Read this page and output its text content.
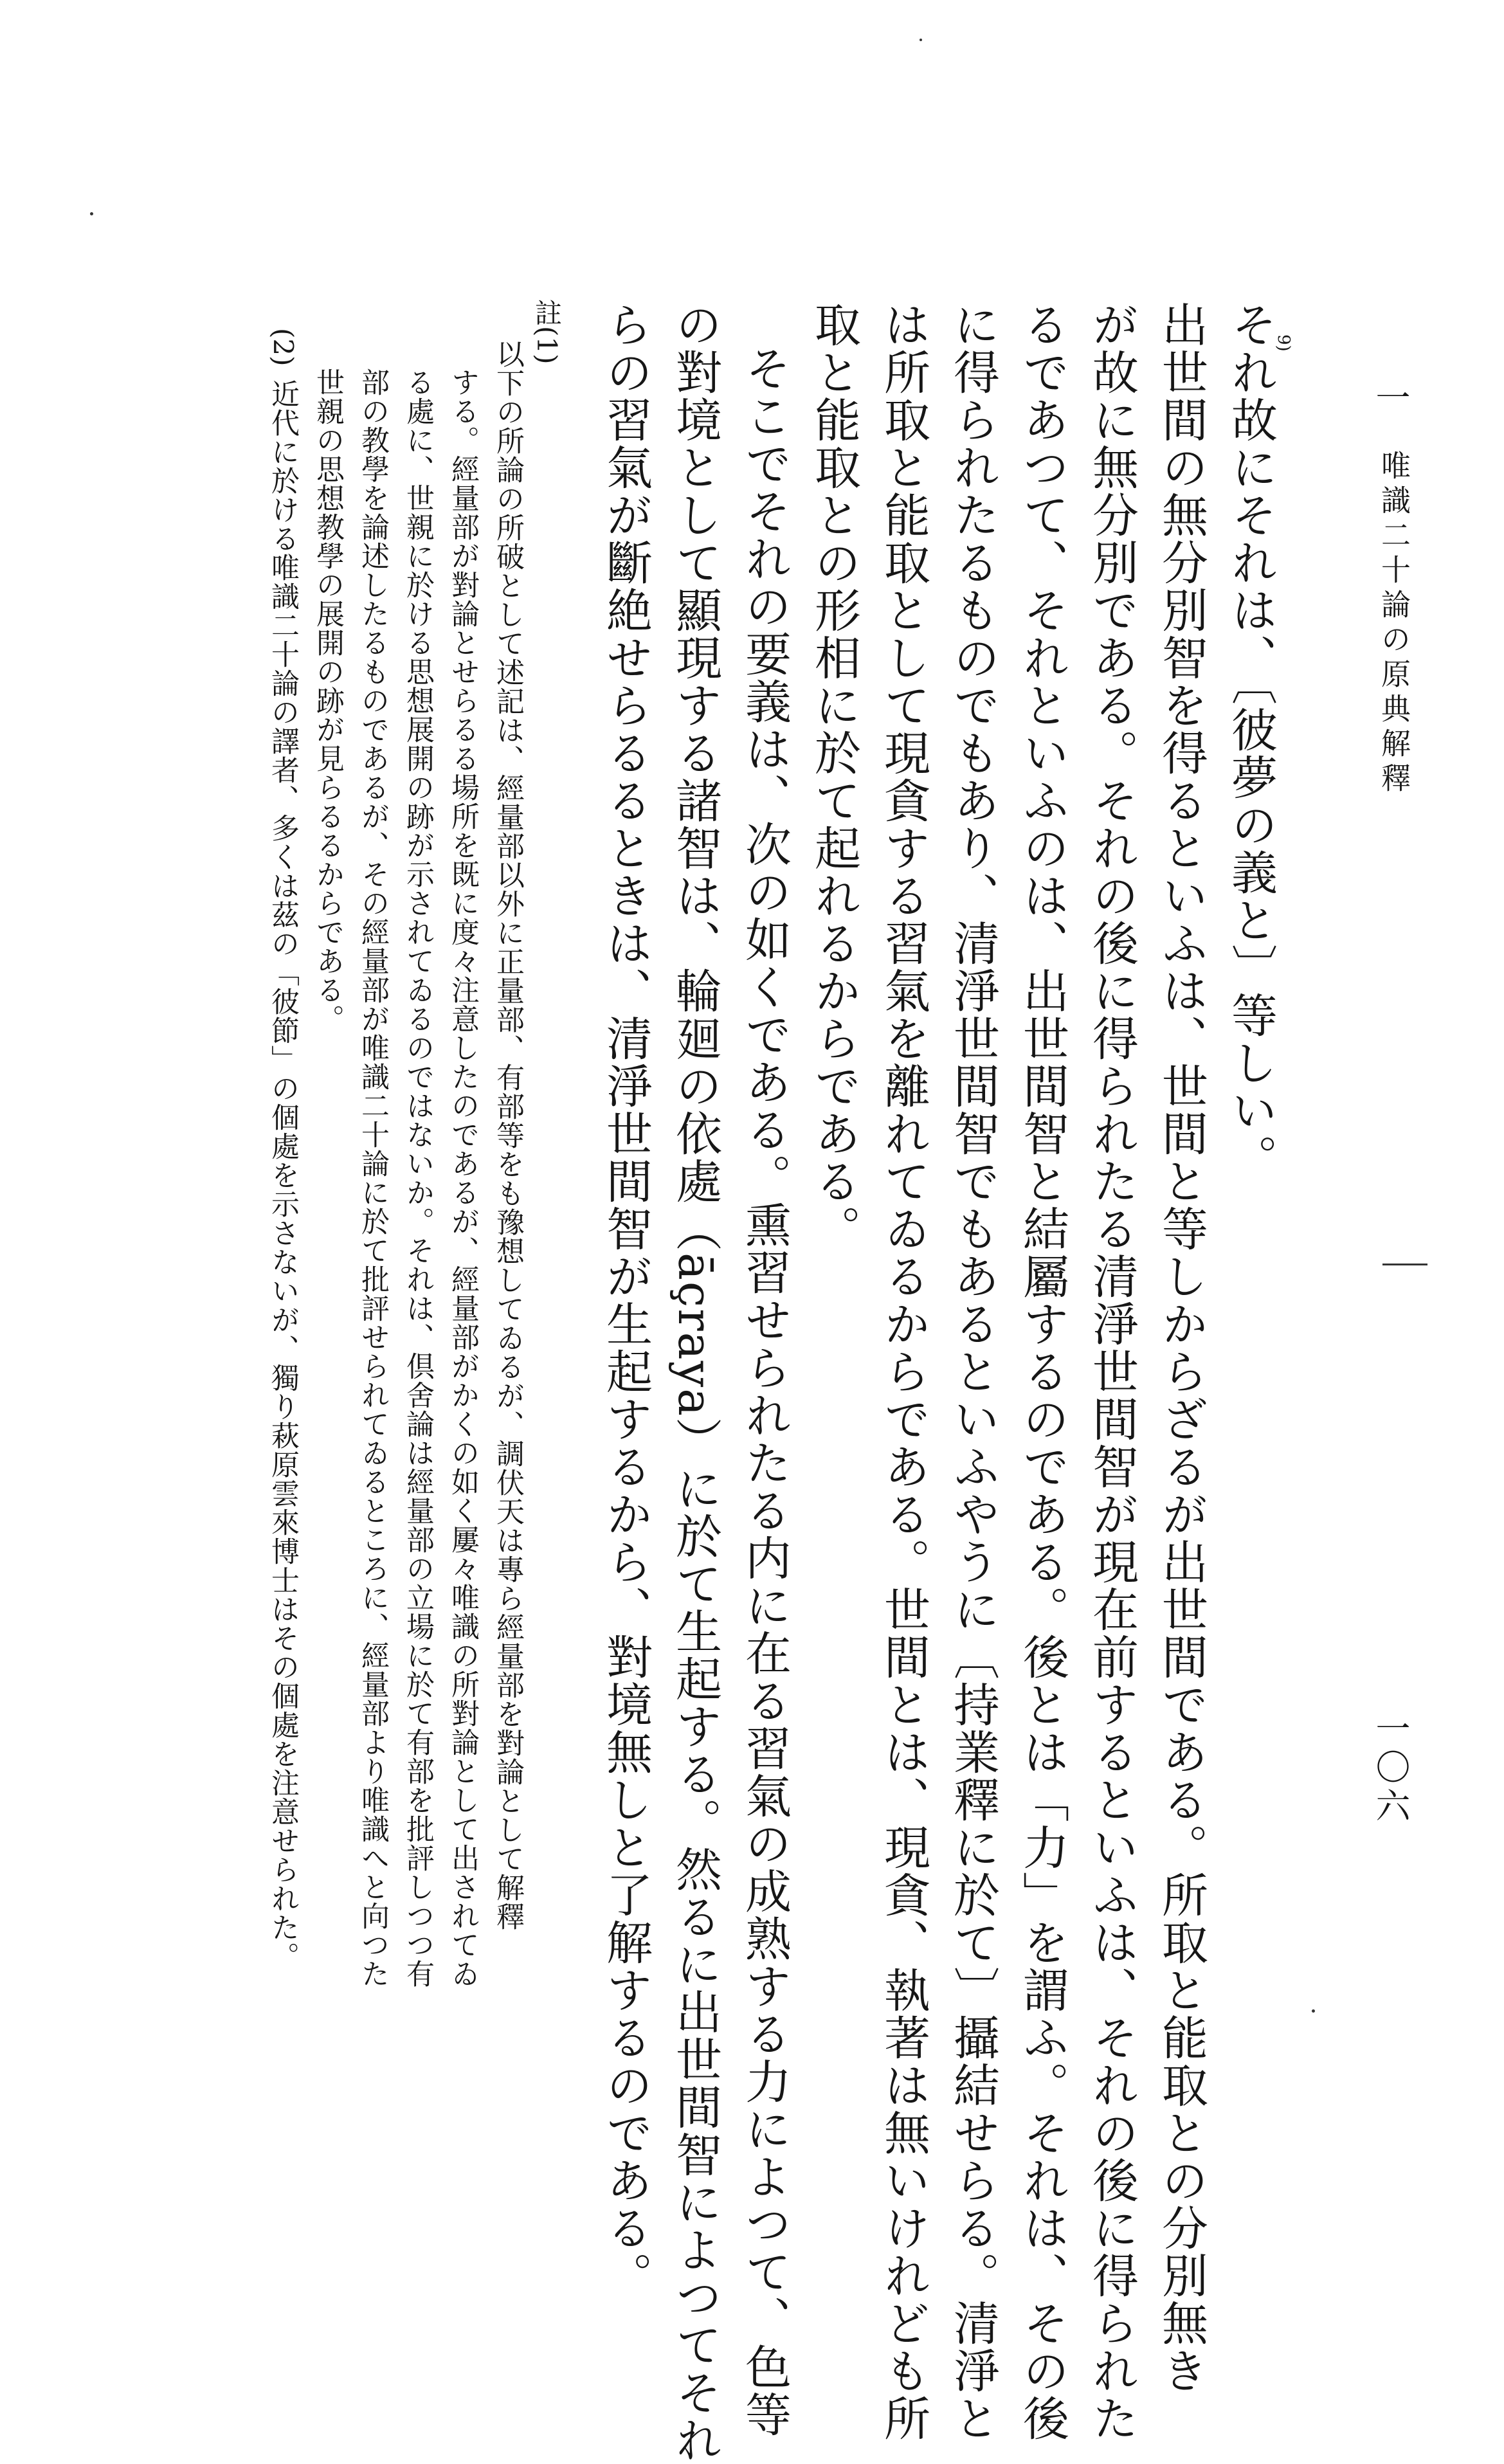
一
唯識二十論の原典解釋
一〇六
それ故にそれは、〔彼夢の義と〕等しい。
9)
出世間の無分別智を得るといふは、世間と等しからざるが出世間である。所取と能取との分別無き
が故に無分別である。それの後に得られたる清淨世間智が現在前するといふは、それの後に得られた
るであつて、それといふのは、出世間智と結屬するのである。後とは「力」を謂ふ。それは、その後
に得られたるものでもあり、清淨世間智でもあるといふやうに〔持業釋に於て〕攝結せらる。清淨と
は所取と能取として現貪する習氣を離れてゐるからである。世間とは、現貪、執著は無いけれども所
取と能取との形相に於て起れるからである。
そこでそれの要義は、次の如くである。熏習せられたる内に在る習氣の成熟する力によつて、色等
の對境として顯現する諸智は、輪廻の依處（āçraya）に於て生起する。然るに出世間智によつてそれ
らの習氣が斷絶せらるるときは、清淨世間智が生起するから、對境無しと了解するのである。
註(1)
以下の所論の所破として述記は、經量部以外に正量部、有部等をも豫想してゐるが、調伏天は專ら經量部を對論として解釋
する。經量部が對論とせらるる場所を既に度々注意したのであるが、經量部がかくの如く屢々唯識の所對論として出されてゐ
る處に、世親に於ける思想展開の跡が示されてゐるのではないか。それは、倶舍論は經量部の立場に於て有部を批評しつつ有
部の教學を論述したるものであるが、その經量部が唯識二十論に於て批評せられてゐるところに、經量部より唯識へと向つた
世親の思想教學の展開の跡が見らるるからである。
(2)
近代に於ける唯識二十論の譯者、多くは茲の「彼節」の個處を示さないが、獨り萩原雲來博士はその個處を注意せられた。
